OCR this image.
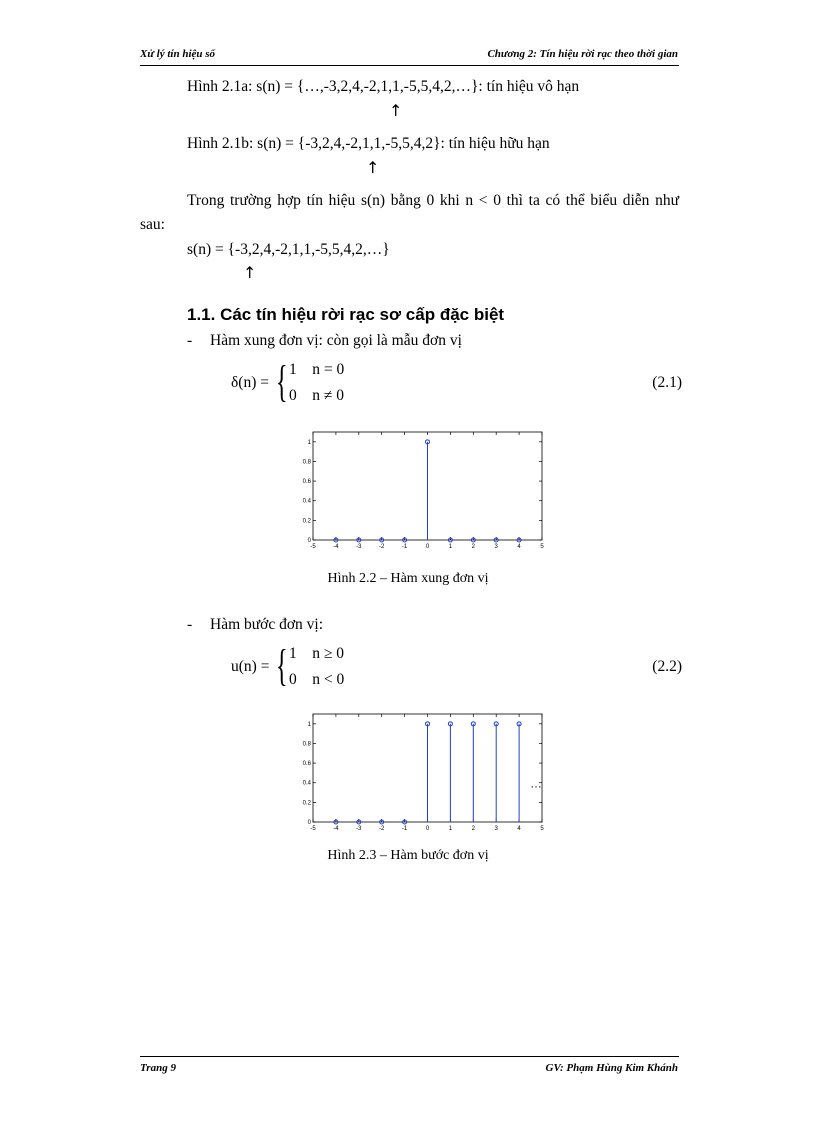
Xử lý tín hiệu số	Chương 2: Tín hiệu rời rạc theo thời gian
Hình 2.1a: s(n) = {…,-3,2,4,-2,1,1,-5,5,4,2,…}: tín hiệu vô hạn
↑
Hình 2.1b: s(n) = {-3,2,4,-2,1,1,-5,5,4,2}: tín hiệu hữu hạn
↑
Trong trường hợp tín hiệu s(n) bằng 0 khi n < 0 thì ta có thể biểu diễn như
sau:
s(n) = {-3,2,4,-2,1,1,-5,5,4,2,…}
↑
1.1. Các tín hiệu rời rạc sơ cấp đặc biệt
- Hàm xung đơn vị: còn gọi là mẫu đơn vị
δ(n) = { 1    n = 0
0    n ≠ 0
(2.1)
-5	-4	-3	-2	-1	0	1	2	3	4	5
0
0.2
0.4
0.6
0.8
1
Hình 2.2 – Hàm xung đơn vị
- Hàm bước đơn vị:
u(n) = { 1    n ≥ 0
0    n < 0
(2.2)
-5	-4	-3	-2	-1	0	1	2	3	4	5
0
0.2
0.4
0.6
0.8
1
…
Hình 2.3 – Hàm bước đơn vị
Trang 9	GV: Phạm Hùng Kim Khánh
